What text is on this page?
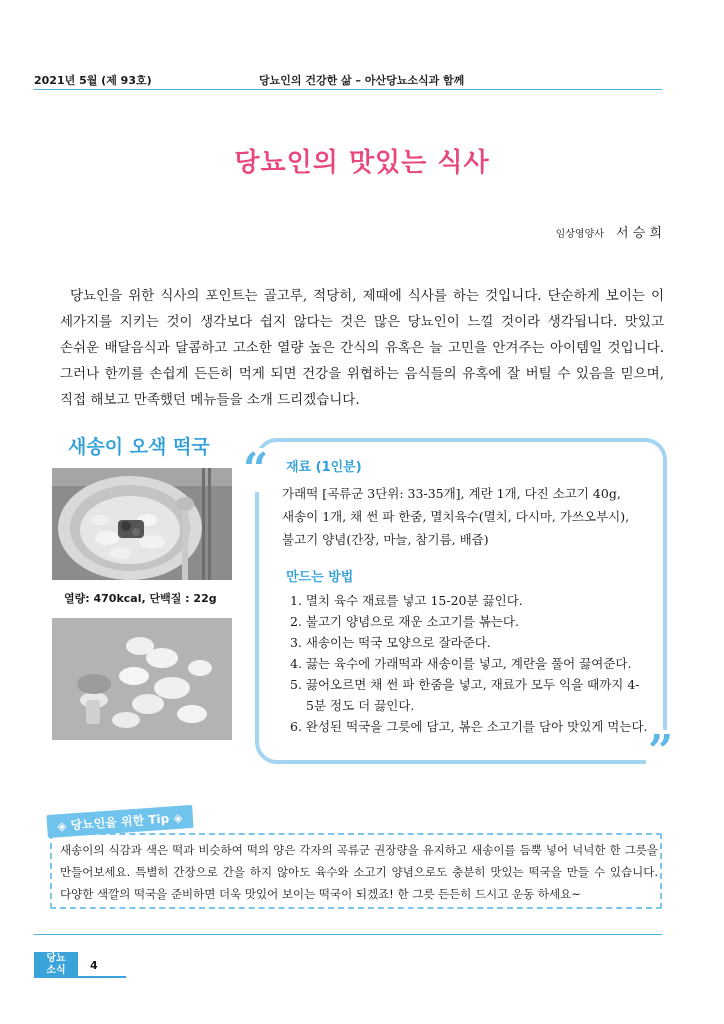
2021년 5월 (제 93호)	당뇨인의 건강한 삶 – 아산당뇨소식과 함께
당뇨인의 맛있는 식사
임상영양사 서 승 희
당뇨인을 위한 식사의 포인트는 골고루, 적당히, 제때에 식사를 하는 것입니다. 단순하게 보이는 이 세가지를 지키는 것이 생각보다 쉽지 않다는 것은 많은 당뇨인이 느낄 것이라 생각됩니다. 맛있고 손쉬운 배달음식과 달콤하고 고소한 열량 높은 간식의 유혹은 늘 고민을 안겨주는 아이템일 것입니다. 그러나 한끼를 손쉽게 든든히 먹게 되면 건강을 위협하는 음식들의 유혹에 잘 버틸 수 있음을 믿으며, 직접 해보고 만족했던 메뉴들을 소개 드리겠습니다.
새송이 오색 떡국
열량: 470kcal, 단백질 : 22g
“
”
재료 (1인분)
가래떡 [곡류군 3단위: 33-35개], 계란 1개, 다진 소고기 40g, 새송이 1개, 채 썬 파 한줌, 멸치육수(멸치, 다시마, 가쓰오부시), 불고기 양념(간장, 마늘, 참기름, 배즙)
만드는 방법
1. 멸치 육수 재료를 넣고 15-20분 끓인다.
2. 불고기 양념으로 재운 소고기를 볶는다.
3. 새송이는 떡국 모양으로 잘라준다.
4. 끓는 육수에 가래떡과 새송이를 넣고, 계란을 풀어 끓여준다.
5. 끓어오르면 채 썬 파 한줌을 넣고, 재료가 모두 익을 때까지 4-5분 정도 더 끓인다.
6. 완성된 떡국을 그릇에 담고, 볶은 소고기를 담아 맛있게 먹는다.
◈ 당뇨인을 위한 Tip ◈
새송이의 식감과 색은 떡과 비슷하여 떡의 양은 각자의 곡류군 권장량을 유지하고 새송이를 듬뿍 넣어 넉넉한 한 그릇을 만들어보세요. 특별히 간장으로 간을 하지 않아도 육수와 소고기 양념으로도 충분히 맛있는 떡국을 만들 수 있습니다. 다양한 색깔의 떡국을 준비하면 더욱 맛있어 보이는 떡국이 되겠죠! 한 그릇 든든히 드시고 운동 하세요~
당뇨
소식	4
